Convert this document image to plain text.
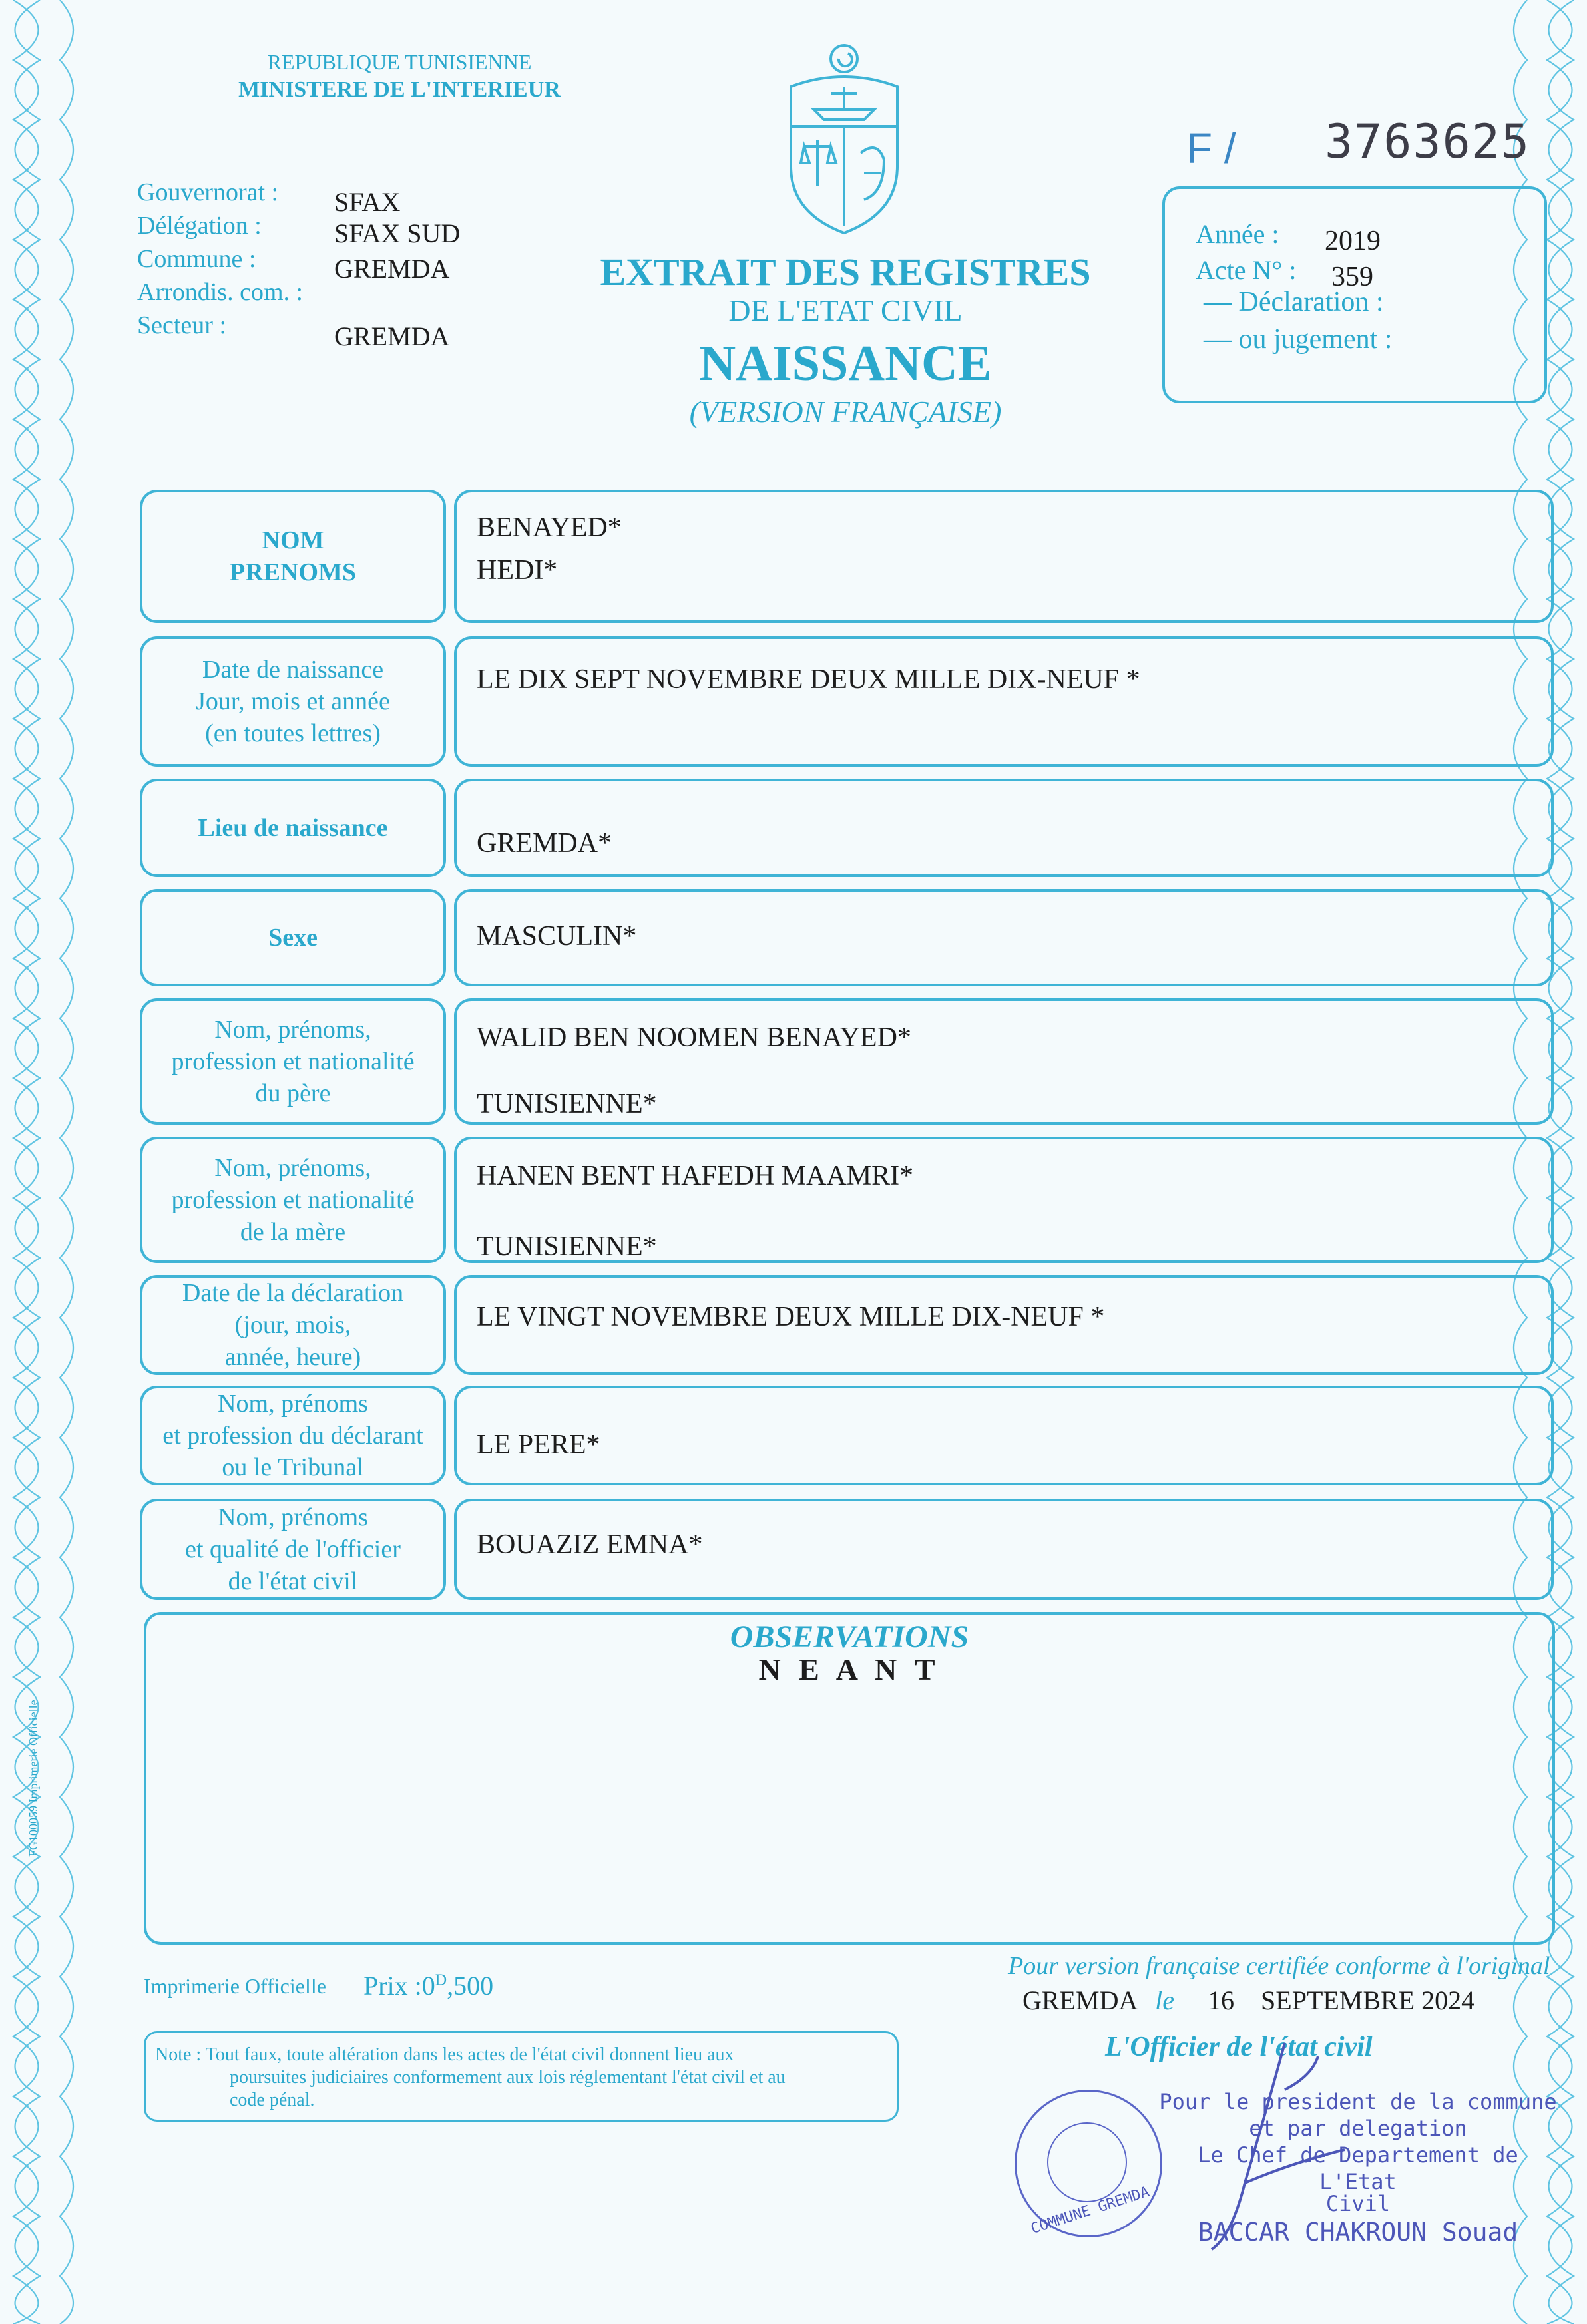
REPUBLIQUE TUNISIENNE
MINISTERE DE L'INTERIEUR
Gouvernorat :
Délégation :
Commune :
Arrondis. com. :
Secteur :
SFAX
SFAX SUD
GREMDA
GREMDA
EXTRAIT DES REGISTRES
DE L'ETAT CIVIL
NAISSANCE
(VERSION FRANÇAISE)
F / 3763625
Année : 2019
Acte N° : 359
— Déclaration :
— ou jugement :
NOM
PRENOMS
BENAYED*
HEDI*
Date de naissance
Jour, mois et année
(en toutes lettres)
LE DIX SEPT NOVEMBRE DEUX MILLE DIX-NEUF *
Lieu de naissance	GREMDA*
Sexe	MASCULIN*
Nom, prénoms,
profession et nationalité
du père
WALID BEN NOOMEN BENAYED*
TUNISIENNE*
Nom, prénoms,
profession et nationalité
de la mère
HANEN BENT HAFEDH MAAMRI*
TUNISIENNE*
Date de la déclaration
(jour, mois,
année, heure)
LE VINGT NOVEMBRE DEUX MILLE DIX-NEUF *
Nom, prénoms
et profession du déclarant
ou le Tribunal
LE PERE*
Nom, prénoms
et qualité de l'officier
de l'état civil
BOUAZIZ EMNA*
OBSERVATIONS
N E A N T
FG100059 Imprimerie Officielle
Imprimerie Officielle Prix $:0^D,500$
Note : Tout faux, toute altération dans les actes de l'état civil donnent lieu aux
poursuites judiciaires conformement aux lois réglementant l'état civil et au
code pénal.
Pour version française certifiée conforme à l'original
GREMDA le 16 SEPTEMBRE 2024
L'Officier de l'état civil
COMMUNE GREMDA
Pour le president de la commune
et par delegation
Le Chef de Departement de L'Etat
Civil
BACCAR CHAKROUN Souad
